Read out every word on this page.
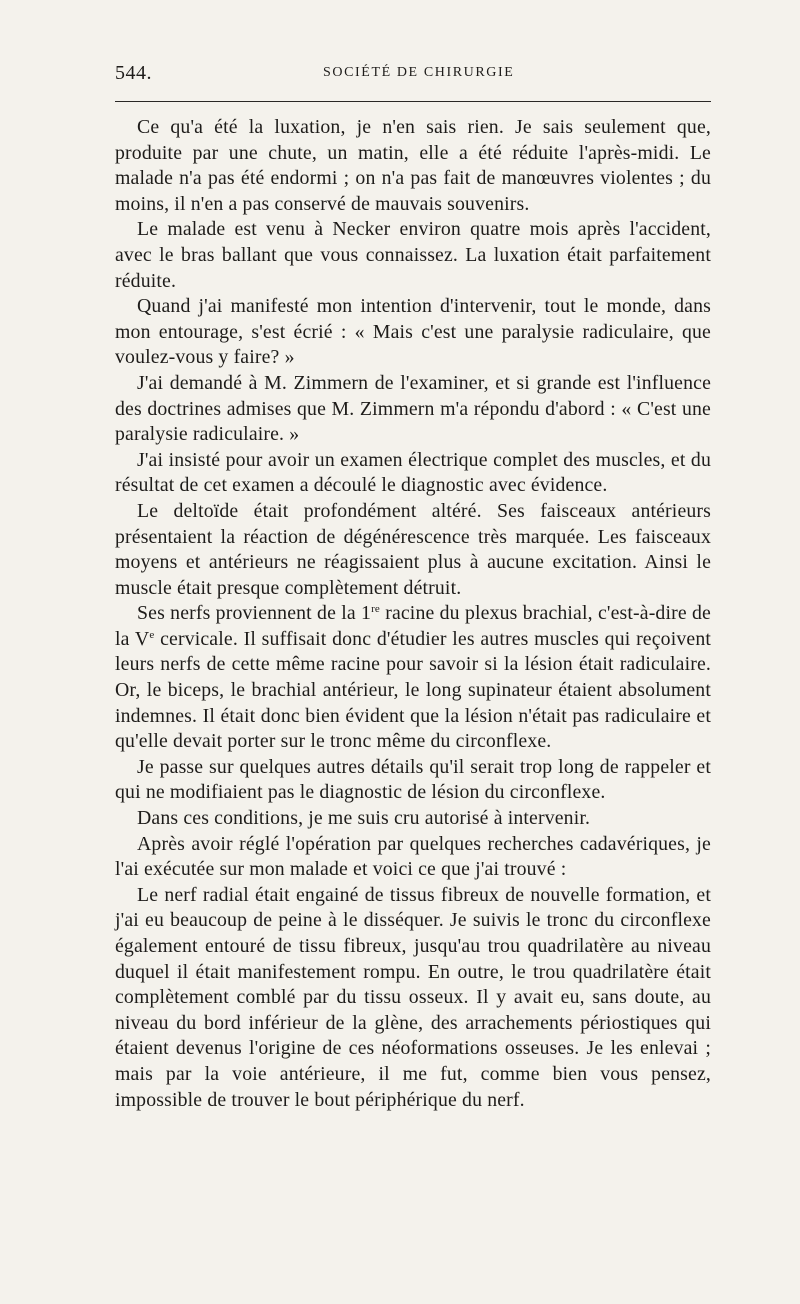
544.	SOCIÉTÉ DE CHIRURGIE

Ce qu'a été la luxation, je n'en sais rien. Je sais seulement que, produite par une chute, un matin, elle a été réduite l'après-midi. Le malade n'a pas été endormi ; on n'a pas fait de manœuvres violentes ; du moins, il n'en a pas conservé de mauvais souvenirs.

Le malade est venu à Necker environ quatre mois après l'accident, avec le bras ballant que vous connaissez. La luxation était parfaitement réduite.

Quand j'ai manifesté mon intention d'intervenir, tout le monde, dans mon entourage, s'est écrié : « Mais c'est une paralysie radiculaire, que voulez-vous y faire? »

J'ai demandé à M. Zimmern de l'examiner, et si grande est l'influence des doctrines admises que M. Zimmern m'a répondu d'abord : « C'est une paralysie radiculaire. »

J'ai insisté pour avoir un examen électrique complet des muscles, et du résultat de cet examen a découlé le diagnostic avec évidence.

Le deltoïde était profondément altéré. Ses faisceaux antérieurs présentaient la réaction de dégénérescence très marquée. Les faisceaux moyens et antérieurs ne réagissaient plus à aucune excitation. Ainsi le muscle était presque complètement détruit.

Ses nerfs proviennent de la 1re racine du plexus brachial, c'est-à-dire de la Ve cervicale. Il suffisait donc d'étudier les autres muscles qui reçoivent leurs nerfs de cette même racine pour savoir si la lésion était radiculaire. Or, le biceps, le brachial antérieur, le long supinateur étaient absolument indemnes. Il était donc bien évident que la lésion n'était pas radiculaire et qu'elle devait porter sur le tronc même du circonflexe.

Je passe sur quelques autres détails qu'il serait trop long de rappeler et qui ne modifiaient pas le diagnostic de lésion du circonflexe.

Dans ces conditions, je me suis cru autorisé à intervenir.

Après avoir réglé l'opération par quelques recherches cadavériques, je l'ai exécutée sur mon malade et voici ce que j'ai trouvé :

Le nerf radial était engainé de tissus fibreux de nouvelle formation, et j'ai eu beaucoup de peine à le disséquer. Je suivis le tronc du circonflexe également entouré de tissu fibreux, jusqu'au trou quadrilatère au niveau duquel il était manifestement rompu. En outre, le trou quadrilatère était complètement comblé par du tissu osseux. Il y avait eu, sans doute, au niveau du bord inférieur de la glène, des arrachements périostiques qui étaient devenus l'origine de ces néoformations osseuses. Je les enlevai ; mais par la voie antérieure, il me fut, comme bien vous pensez, impossible de trouver le bout périphérique du nerf.
